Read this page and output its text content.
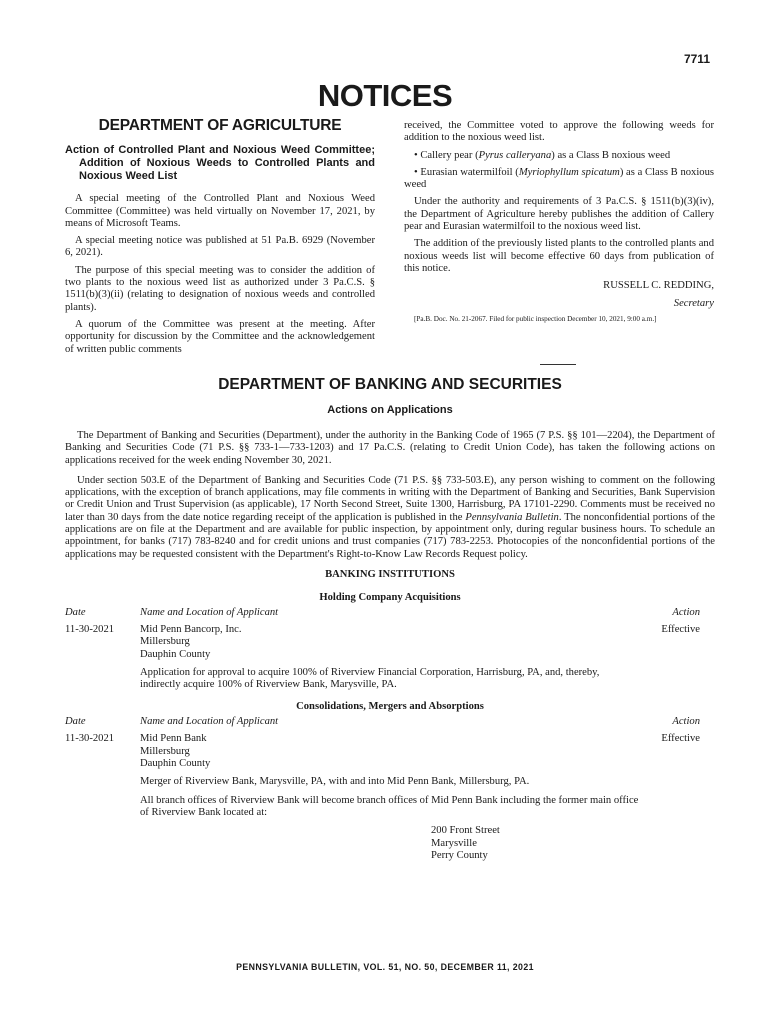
7711
NOTICES
DEPARTMENT OF AGRICULTURE
Action of Controlled Plant and Noxious Weed Committee; Addition of Noxious Weeds to Controlled Plants and Noxious Weed List

A special meeting of the Controlled Plant and Noxious Weed Committee (Committee) was held virtually on November 17, 2021, by means of Microsoft Teams.

A special meeting notice was published at 51 Pa.B. 6929 (November 6, 2021).

The purpose of this special meeting was to consider the addition of two plants to the noxious weed list as authorized under 3 Pa.C.S. § 1511(b)(3)(ii) (relating to designation of noxious weeds and controlled plants).

A quorum of the Committee was present at the meeting. After opportunity for discussion by the Committee and the acknowledgement of written public comments

received, the Committee voted to approve the following weeds for addition to the noxious weed list.

• Callery pear (Pyrus calleryana) as a Class B noxious weed

• Eurasian watermilfoil (Myriophyllum spicatum) as a Class B noxious weed

Under the authority and requirements of 3 Pa.C.S. § 1511(b)(3)(iv), the Department of Agriculture hereby publishes the addition of Callery pear and Eurasian watermilfoil to the noxious weed list.

The addition of the previously listed plants to the controlled plants and noxious weeds list will become effective 60 days from publication of this notice.

RUSSELL C. REDDING,

Secretary

[Pa.B. Doc. No. 21-2067. Filed for public inspection December 10, 2021, 9:00 a.m.]

DEPARTMENT OF BANKING AND SECURITIES
Actions on Applications

The Department of Banking and Securities (Department), under the authority in the Banking Code of 1965 (7 P.S. §§ 101—2204), the Department of Banking and Securities Code (71 P.S. §§ 733-1—733-1203) and 17 Pa.C.S. (relating to Credit Union Code), has taken the following actions on applications received for the week ending November 30, 2021.

Under section 503.E of the Department of Banking and Securities Code (71 P.S. §§ 733-503.E), any person wishing to comment on the following applications, with the exception of branch applications, may file comments in writing with the Department of Banking and Securities, Bank Supervision or Credit Union and Trust Supervision (as applicable), 17 North Second Street, Suite 1300, Harrisburg, PA 17101-2290. Comments must be received no later than 30 days from the date notice regarding receipt of the application is published in the Pennsylvania Bulletin. The nonconfidential portions of the applications are on file at the Department and are available for public inspection, by appointment only, during regular business hours. To schedule an appointment, for banks (717) 783-8240 and for credit unions and trust companies (717) 783-2253. Photocopies of the nonconfidential portions of the applications may be requested consistent with the Department's Right-to-Know Law Records Request policy.

BANKING INSTITUTIONS
Holding Company Acquisitions
Date	Name and Location of Applicant	Action
11-30-2021 Mid Penn Bancorp, Inc.
Millersburg
Dauphin County
Effective
Application for approval to acquire 100% of Riverview Financial Corporation, Harrisburg, PA, and, thereby, indirectly acquire 100% of Riverview Bank, Marysville, PA.
Consolidations, Mergers and Absorptions
Date	Name and Location of Applicant	Action
11-30-2021 Mid Penn Bank
Millersburg
Dauphin County
Effective
Merger of Riverview Bank, Marysville, PA, with and into Mid Penn Bank, Millersburg, PA.
All branch offices of Riverview Bank will become branch offices of Mid Penn Bank including the former main office of Riverview Bank located at:
200 Front Street
Marysville
Perry County
PENNSYLVANIA BULLETIN, VOL. 51, NO. 50, DECEMBER 11, 2021
